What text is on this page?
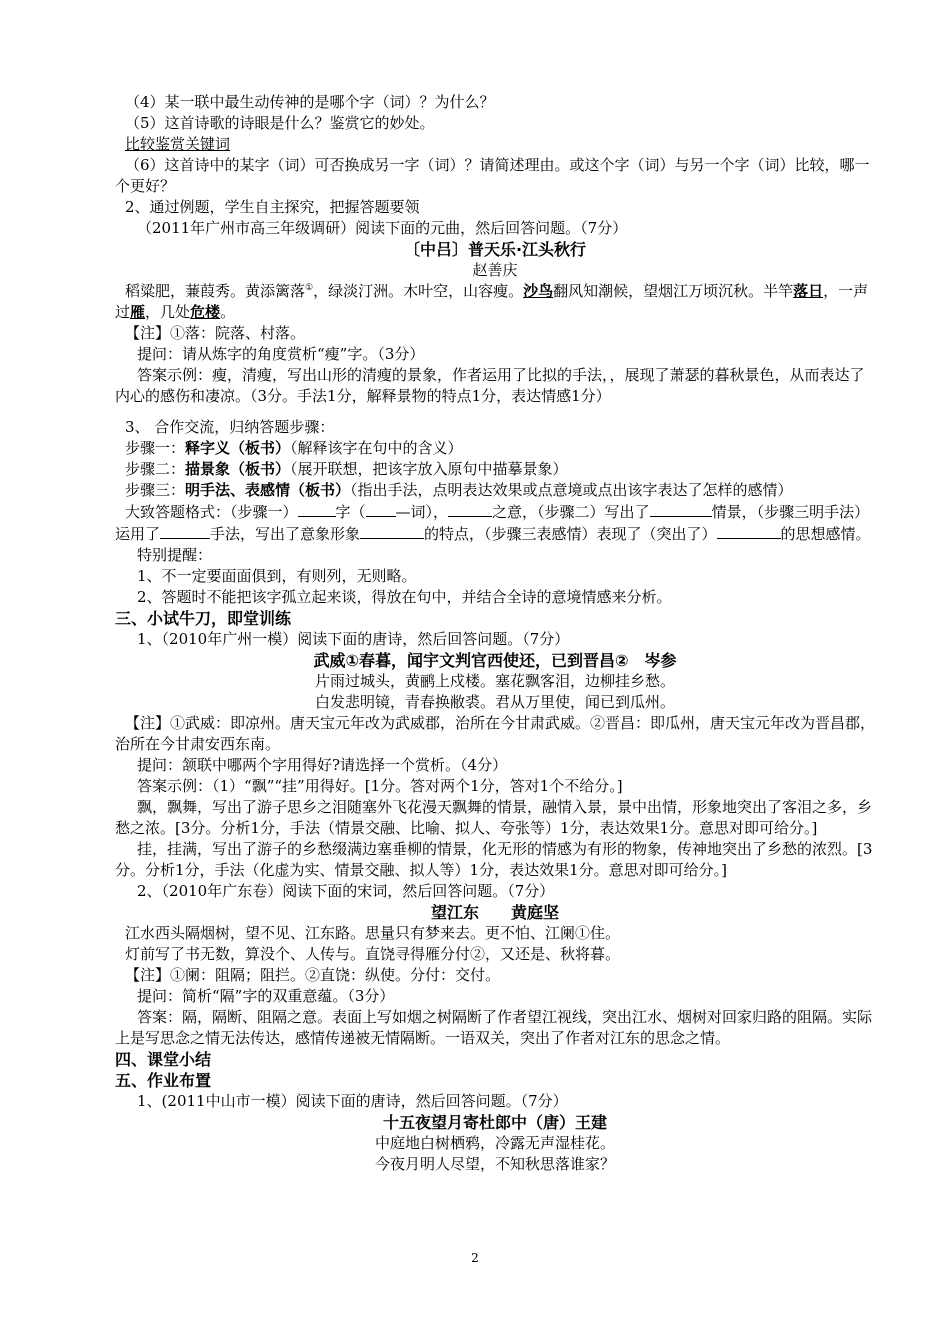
（4）某一联中最生动传神的是哪个字（词）？为什么？

（5）这首诗歌的诗眼是什么？鉴赏它的妙处。

比较鉴赏关键词

（6）这首诗中的某字（词）可否换成另一字（词）？请简述理由。或这个字（词）与另一个字（词）比较，哪一个更好？

2、通过例题，学生自主探究，把握答题要领

（2011年广州市高三年级调研）阅读下面的元曲，然后回答问题。（7分）

〔中吕〕普天乐·江头秋行

赵善庆

稻粱肥，蒹葭秀。黄添篱落①，绿淡汀洲。木叶空，山容瘦。沙鸟翻风知潮候，望烟江万顷沉秋。半竿落日，一声过雁，几处危楼。

【注】①落：院落、村落。

提问：请从炼字的角度赏析“瘦”字。（3分）

答案示例：瘦，清瘦，写出山形的清瘦的景象，作者运用了比拟的手法，，展现了萧瑟的暮秋景色，从而表达了内心的感伤和凄凉。（3分。手法1分，解释景物的特点1分，表达情感1分）

3、 合作交流，归纳答题步骤：

步骤一：释字义（板书）（解释该字在句中的含义）

步骤二：描景象（板书）（展开联想，把该字放入原句中描摹景象）

步骤三：明手法、表感情（板书）（指出手法，点明表达效果或点意境或点出该字表达了怎样的感情）

大致答题格式：（步骤一）	字（ —词），	之意，（步骤二）写出了	情景，（步骤三明手法）运用了	手法，写出了意象形象	的特点，（步骤三表感情）表现了（突出了）	的思想感情。

特别提醒：

1、不一定要面面俱到，有则列，无则略。

2、答题时不能把该字孤立起来谈，得放在句中，并结合全诗的意境情感来分析。

三、小试牛刀，即堂训练

1、（2010年广州一模）阅读下面的唐诗，然后回答问题。（7分）

武威①春暮，闻宇文判官西使还，已到晋昌②　岑参

片雨过城头，黄鹂上戍楼。塞花飘客泪，边柳挂乡愁。

白发悲明镜，青春换敝裘。君从万里使，闻已到瓜州。

【注】①武威：即凉州。唐天宝元年改为武威郡，治所在今甘肃武威。②晋昌：即瓜州，唐天宝元年改为晋昌郡，治所在今甘肃安西东南。

提问：颔联中哪两个字用得好?请选择一个赏析。（4分）

答案示例：（1）“飘”“挂”用得好。[1分。答对两个1分，答对1个不给分。]

飘，飘舞，写出了游子思乡之泪随塞外飞花漫天飘舞的情景，融情入景，景中出情，形象地突出了客泪之多，乡愁之浓。[3分。分析1分，手法（情景交融、比喻、拟人、夸张等）1分，表达效果1分。意思对即可给分。]

挂，挂满，写出了游子的乡愁缀满边塞垂柳的情景，化无形的情感为有形的物象，传神地突出了乡愁的浓烈。[3分。分析1分，手法（化虚为实、情景交融、拟人等）1分，表达效果1分。意思对即可给分。]

2、（2010年广东卷）阅读下面的宋词，然后回答问题。（7分）

望江东　　黄庭坚

江水西头隔烟树，望不见、江东路。思量只有梦来去。更不怕、江阑①住。

灯前写了书无数，算没个、人传与。直饶寻得雁分付②，又还是、秋将暮。

【注】①阑：阻隔；阻拦。②直饶：纵使。分付：交付。

提问：简析“隔”字的双重意蕴。（3分）

答案：隔，隔断、阻隔之意。表面上写如烟之树隔断了作者望江视线，突出江水、烟树对回家归路的阻隔。实际上是写思念之情无法传达，感情传递被无情隔断。一语双关，突出了作者对江东的思念之情。

四、课堂小结

五、作业布置

1、(2011中山市一模）阅读下面的唐诗，然后回答问题。（7分）

十五夜望月寄杜郎中（唐）王建

中庭地白树栖鸦，冷露无声湿桂花。

今夜月明人尽望，不知秋思落谁家？

2
